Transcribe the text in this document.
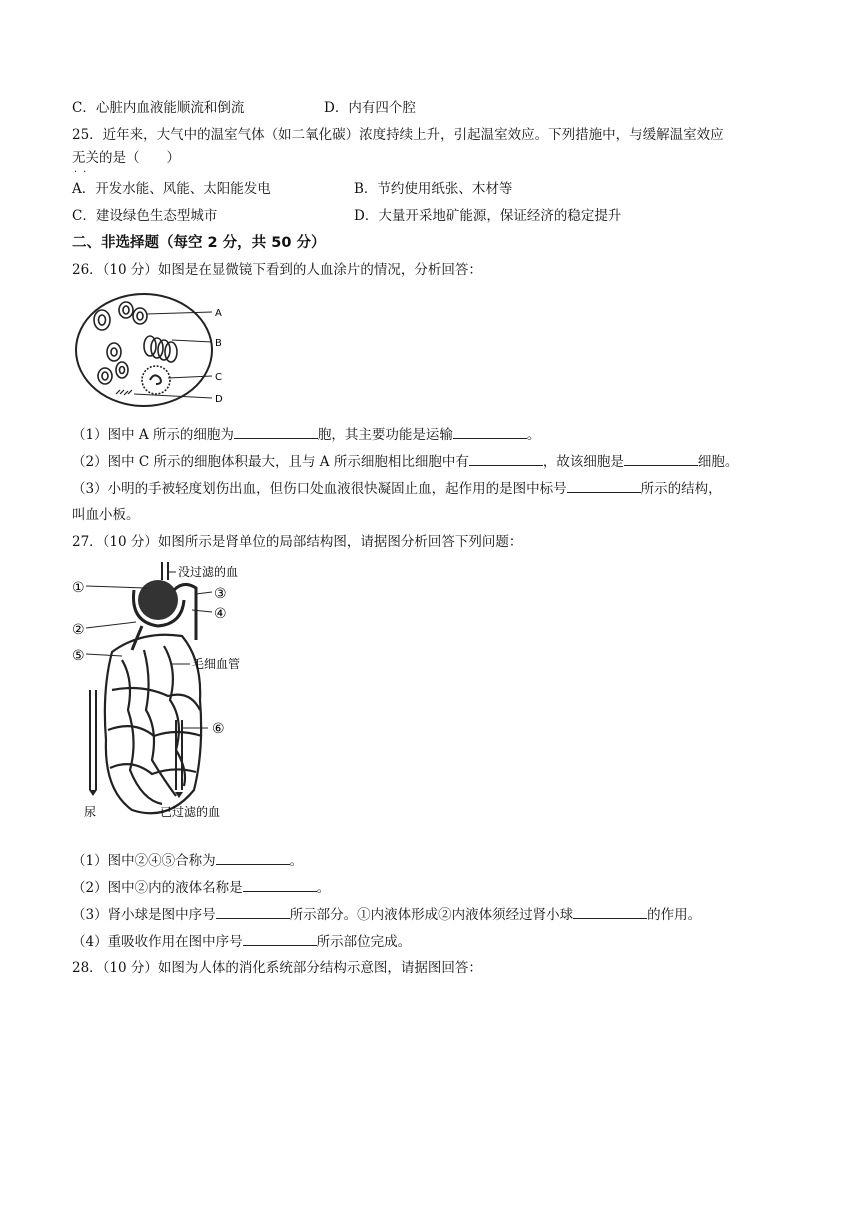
C．心脏内血液能顺流和倒流	D．内有四个腔
25．近年来，大气中的温室气体（如二氧化碳）浓度持续上升，引起温室效应。下列措施中，与缓解温室效应
无关的是（　　）
..
A．开发水能、风能、太阳能发电	B．节约使用纸张、木材等
C．建设绿色生态型城市	D．大量开采地矿能源，保证经济的稳定提升
二、非选择题（每空 2 分，共 50 分）
26．（10 分）如图是在显微镜下看到的人血涂片的情况，分析回答：
A
B
C
D
（1）图中 A 所示的细胞为	胞，其主要功能是运输	。
（2）图中 C 所示的细胞体积最大，且与 A 所示细胞相比细胞中有	，故该细胞是	细胞。
（3）小明的手被轻度划伤出血，但伤口处血液很快凝固止血，起作用的是图中标号	所示的结构，
叫血小板。
27．（10 分）如图所示是肾单位的局部结构图，请据图分析回答下列问题：
①
没过滤的血
③
④
②
⑤	毛细血管
⑥
尿	已过滤的血
（1）图中②④⑤合称为	。
（2）图中②内的液体名称是	。
（3）肾小球是图中序号	所示部分。①内液体形成②内液体须经过肾小球	的作用。
（4）重吸收作用在图中序号	所示部位完成。
28．（10 分）如图为人体的消化系统部分结构示意图，请据图回答：
